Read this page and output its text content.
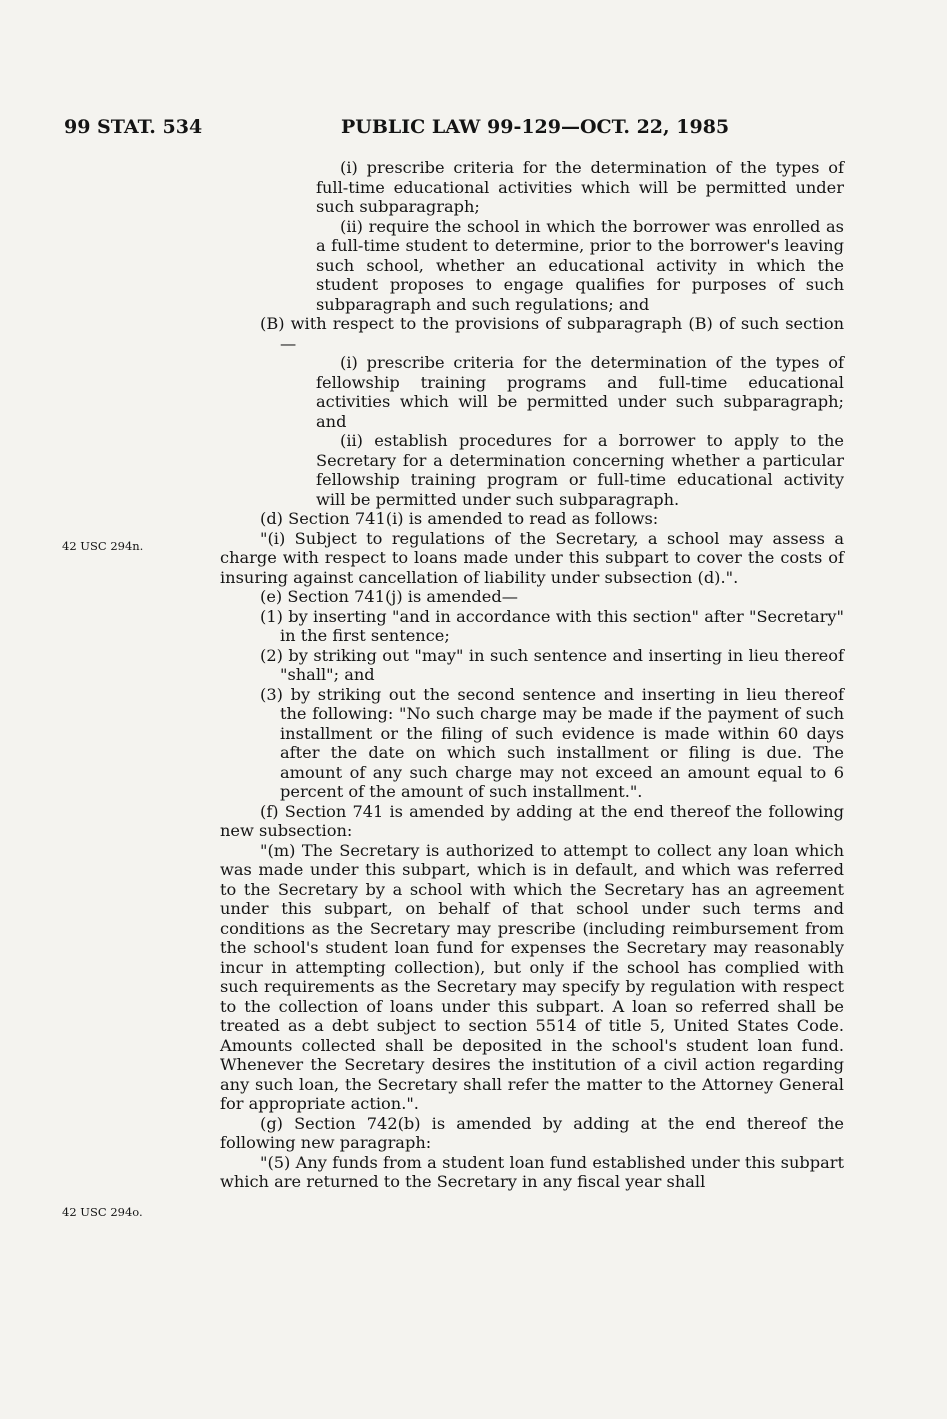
99 STAT. 534	PUBLIC LAW 99-129—OCT. 22, 1985
42 USC 294n.
42 USC 294o.

(i) prescribe criteria for the determination of the types of full-time educational activities which will be permitted under such subparagraph;

(ii) require the school in which the borrower was enrolled as a full-time student to determine, prior to the borrower's leaving such school, whether an educational activity in which the student proposes to engage qualifies for purposes of such subparagraph and such regulations; and

(B) with respect to the provisions of subparagraph (B) of such section—

(i) prescribe criteria for the determination of the types of fellowship training programs and full-time educational activities which will be permitted under such subparagraph; and

(ii) establish procedures for a borrower to apply to the Secretary for a determination concerning whether a particular fellowship training program or full-time educational activity will be permitted under such subparagraph.

(d) Section 741(i) is amended to read as follows:

"(i) Subject to regulations of the Secretary, a school may assess a charge with respect to loans made under this subpart to cover the costs of insuring against cancellation of liability under subsection (d).".

(e) Section 741(j) is amended—

(1) by inserting "and in accordance with this section" after "Secretary" in the first sentence;

(2) by striking out "may" in such sentence and inserting in lieu thereof "shall"; and

(3) by striking out the second sentence and inserting in lieu thereof the following: "No such charge may be made if the payment of such installment or the filing of such evidence is made within 60 days after the date on which such installment or filing is due. The amount of any such charge may not exceed an amount equal to 6 percent of the amount of such installment.".

(f) Section 741 is amended by adding at the end thereof the following new subsection:

"(m) The Secretary is authorized to attempt to collect any loan which was made under this subpart, which is in default, and which was referred to the Secretary by a school with which the Secretary has an agreement under this subpart, on behalf of that school under such terms and conditions as the Secretary may prescribe (including reimbursement from the school's student loan fund for expenses the Secretary may reasonably incur in attempting collection), but only if the school has complied with such requirements as the Secretary may specify by regulation with respect to the collection of loans under this subpart. A loan so referred shall be treated as a debt subject to section 5514 of title 5, United States Code. Amounts collected shall be deposited in the school's student loan fund. Whenever the Secretary desires the institution of a civil action regarding any such loan, the Secretary shall refer the matter to the Attorney General for appropriate action.".

(g) Section 742(b) is amended by adding at the end thereof the following new paragraph:

"(5) Any funds from a student loan fund established under this subpart which are returned to the Secretary in any fiscal year shall
